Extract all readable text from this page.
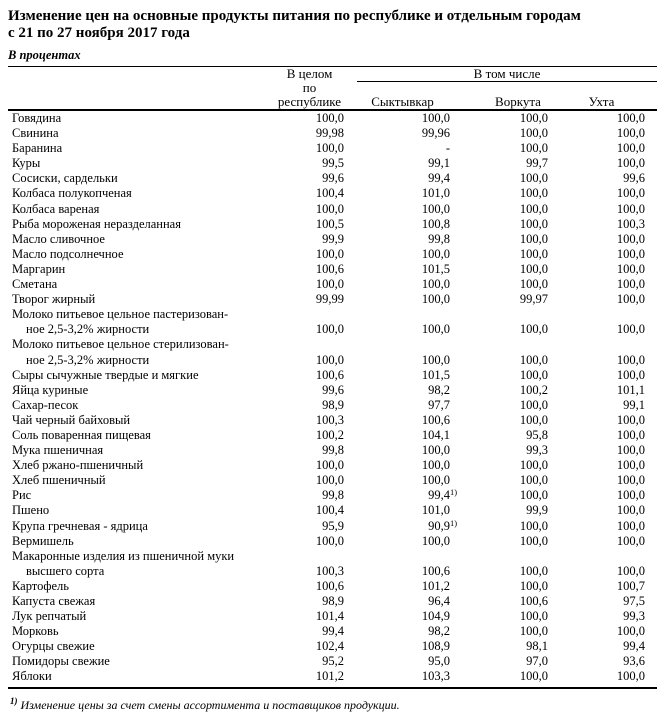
Изменение цен на основные продукты питания по республике и отдельным городам
с 21 по 27 ноября 2017 года
В процентах

	В целом
по республике	В том числе		

		Сыктывкар	Воркута	Ухта

Говядина	100,0	100,0	100,0	100,0

Свинина	99,98	99,96	100,0	100,0

Баранина	100,0	-	100,0	100,0

Куры	99,5	99,1	99,7	100,0

Сосиски, сардельки	99,6	99,4	100,0	99,6

Колбаса полукопченая	100,4	101,0	100,0	100,0

Колбаса вареная	100,0	100,0	100,0	100,0

Рыба мороженая неразделанная	100,5	100,8	100,0	100,3

Масло сливочное	99,9	99,8	100,0	100,0

Масло подсолнечное	100,0	100,0	100,0	100,0

Маргарин	100,6	101,5	100,0	100,0

Сметана	100,0	100,0	100,0	100,0

Творог жирный	99,99	100,0	99,97	100,0

Молоко питьевое цельное пастеризован-
ное 2,5-3,2% жирности	100,0	100,0	100,0	100,0

Молоко питьевое цельное стерилизован-
ное 2,5-3,2% жирности	100,0	100,0	100,0	100,0

Сыры сычужные твердые и мягкие	100,6	101,5	100,0	100,0

Яйца куриные	99,6	98,2	100,2	101,1

Сахар-песок	98,9	97,7	100,0	99,1

Чай черный байховый	100,3	100,6	100,0	100,0

Соль поваренная пищевая	100,2	104,1	95,8	100,0

Мука пшеничная	99,8	100,0	99,3	100,0

Хлеб ржано-пшеничный	100,0	100,0	100,0	100,0

Хлеб пшеничный	100,0	100,0	100,0	100,0

Рис	99,8	99,4$^{1)}$	100,0	100,0

Пшено	100,4	101,0	99,9	100,0

Крупа гречневая - ядрица	95,9	90,9$^{1)}$	100,0	100,0

Вермишель	100,0	100,0	100,0	100,0

Макаронные изделия из пшеничной муки
высшего сорта	100,3	100,6	100,0	100,0

Картофель	100,6	101,2	100,0	100,7

Капуста свежая	98,9	96,4	100,6	97,5

Лук репчатый	101,4	104,9	100,0	99,3

Морковь	99,4	98,2	100,0	100,0

Огурцы свежие	102,4	108,9	98,1	99,4

Помидоры свежие	95,2	95,0	97,0	93,6

Яблоки	101,2	103,3	100,0	100,0
$^{1)}$ Изменение цены за счет смены ассортимента и поставщиков продукции.
